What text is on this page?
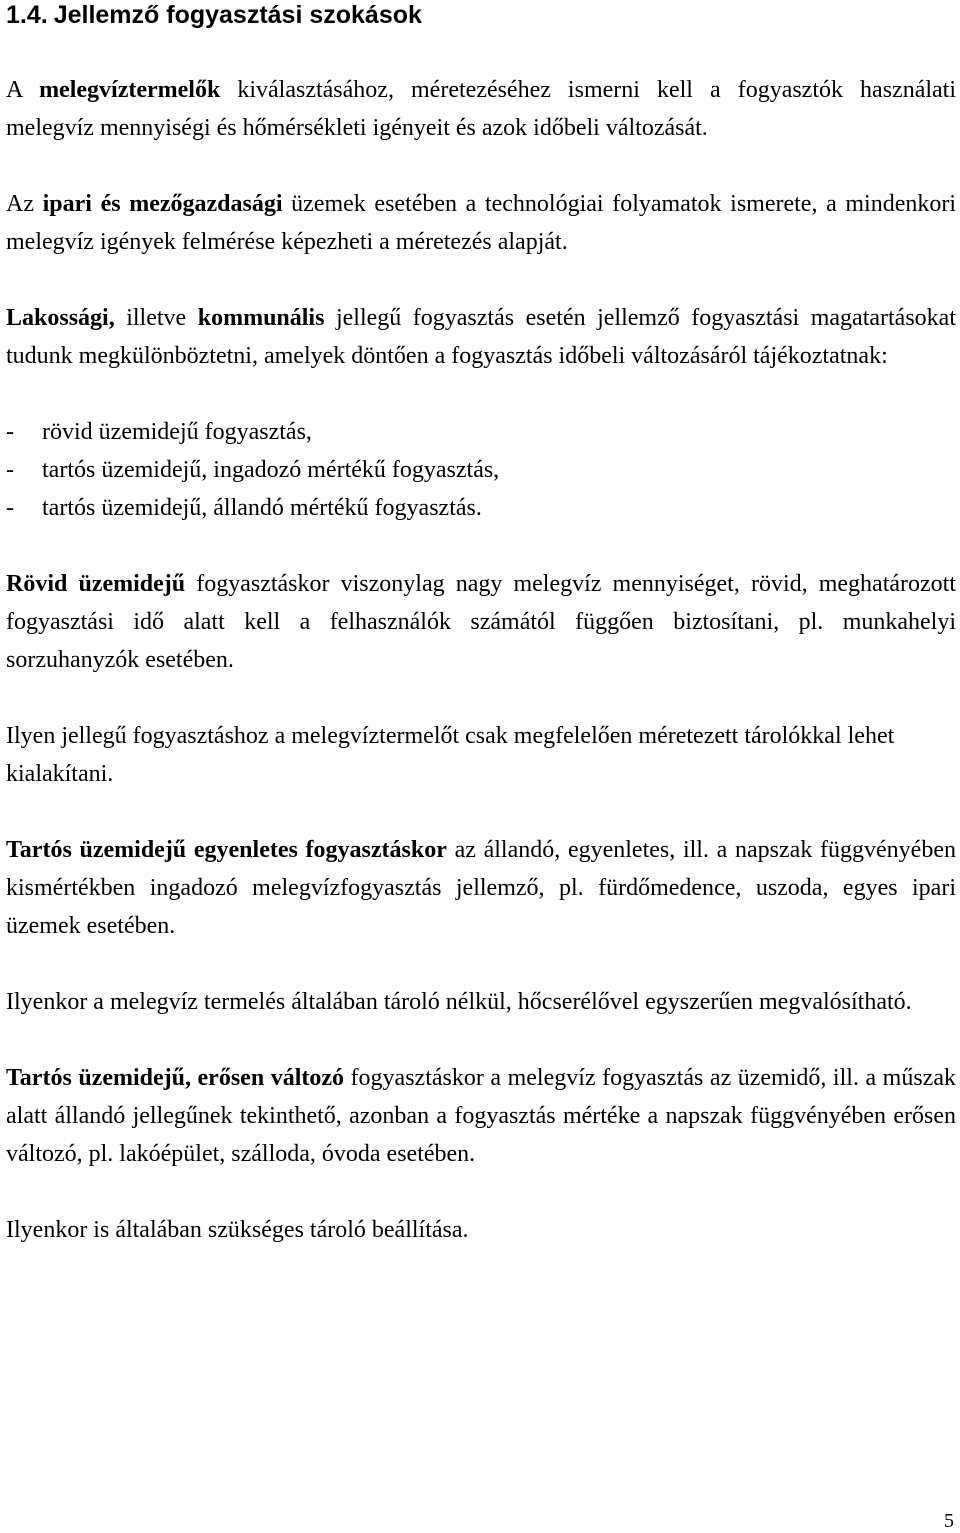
1.4. Jellemző fogyasztási szokások

A melegvíztermelők kiválasztásához, méretezéséhez ismerni kell a fogyasztók használati melegvíz mennyiségi és hőmérsékleti igényeit és azok időbeli változását.

Az ipari és mezőgazdasági üzemek esetében a technológiai folyamatok ismerete, a mindenkori melegvíz igények felmérése képezheti a méretezés alapját.

Lakossági, illetve kommunális jellegű fogyasztás esetén jellemző fogyasztási magatartásokat tudunk megkülönböztetni, amelyek döntően a fogyasztás időbeli változásáról tájékoztatnak:

-	rövid üzemidejű fogyasztás,
-	tartós üzemidejű, ingadozó mértékű fogyasztás,
-	tartós üzemidejű, állandó mértékű fogyasztás.

Rövid üzemidejű fogyasztáskor viszonylag nagy melegvíz mennyiséget, rövid, meghatározott fogyasztási idő alatt kell a felhasználók számától függően biztosítani, pl. munkahelyi sorzuhanyzók esetében.

Ilyen jellegű fogyasztáshoz a melegvíztermelőt csak megfelelően méretezett tárolókkal lehet kialakítani.

Tartós üzemidejű egyenletes fogyasztáskor az állandó, egyenletes, ill. a napszak függvényében kismértékben ingadozó melegvízfogyasztás jellemző, pl. fürdőmedence, uszoda, egyes ipari üzemek esetében.

Ilyenkor a melegvíz termelés általában tároló nélkül, hőcserélővel egyszerűen megvalósítható.

Tartós üzemidejű, erősen változó fogyasztáskor a melegvíz fogyasztás az üzemidő, ill. a műszak alatt állandó jellegűnek tekinthető, azonban a fogyasztás mértéke a napszak függvényében erősen változó, pl. lakóépület, szálloda, óvoda esetében.

Ilyenkor is általában szükséges tároló beállítása.

5
